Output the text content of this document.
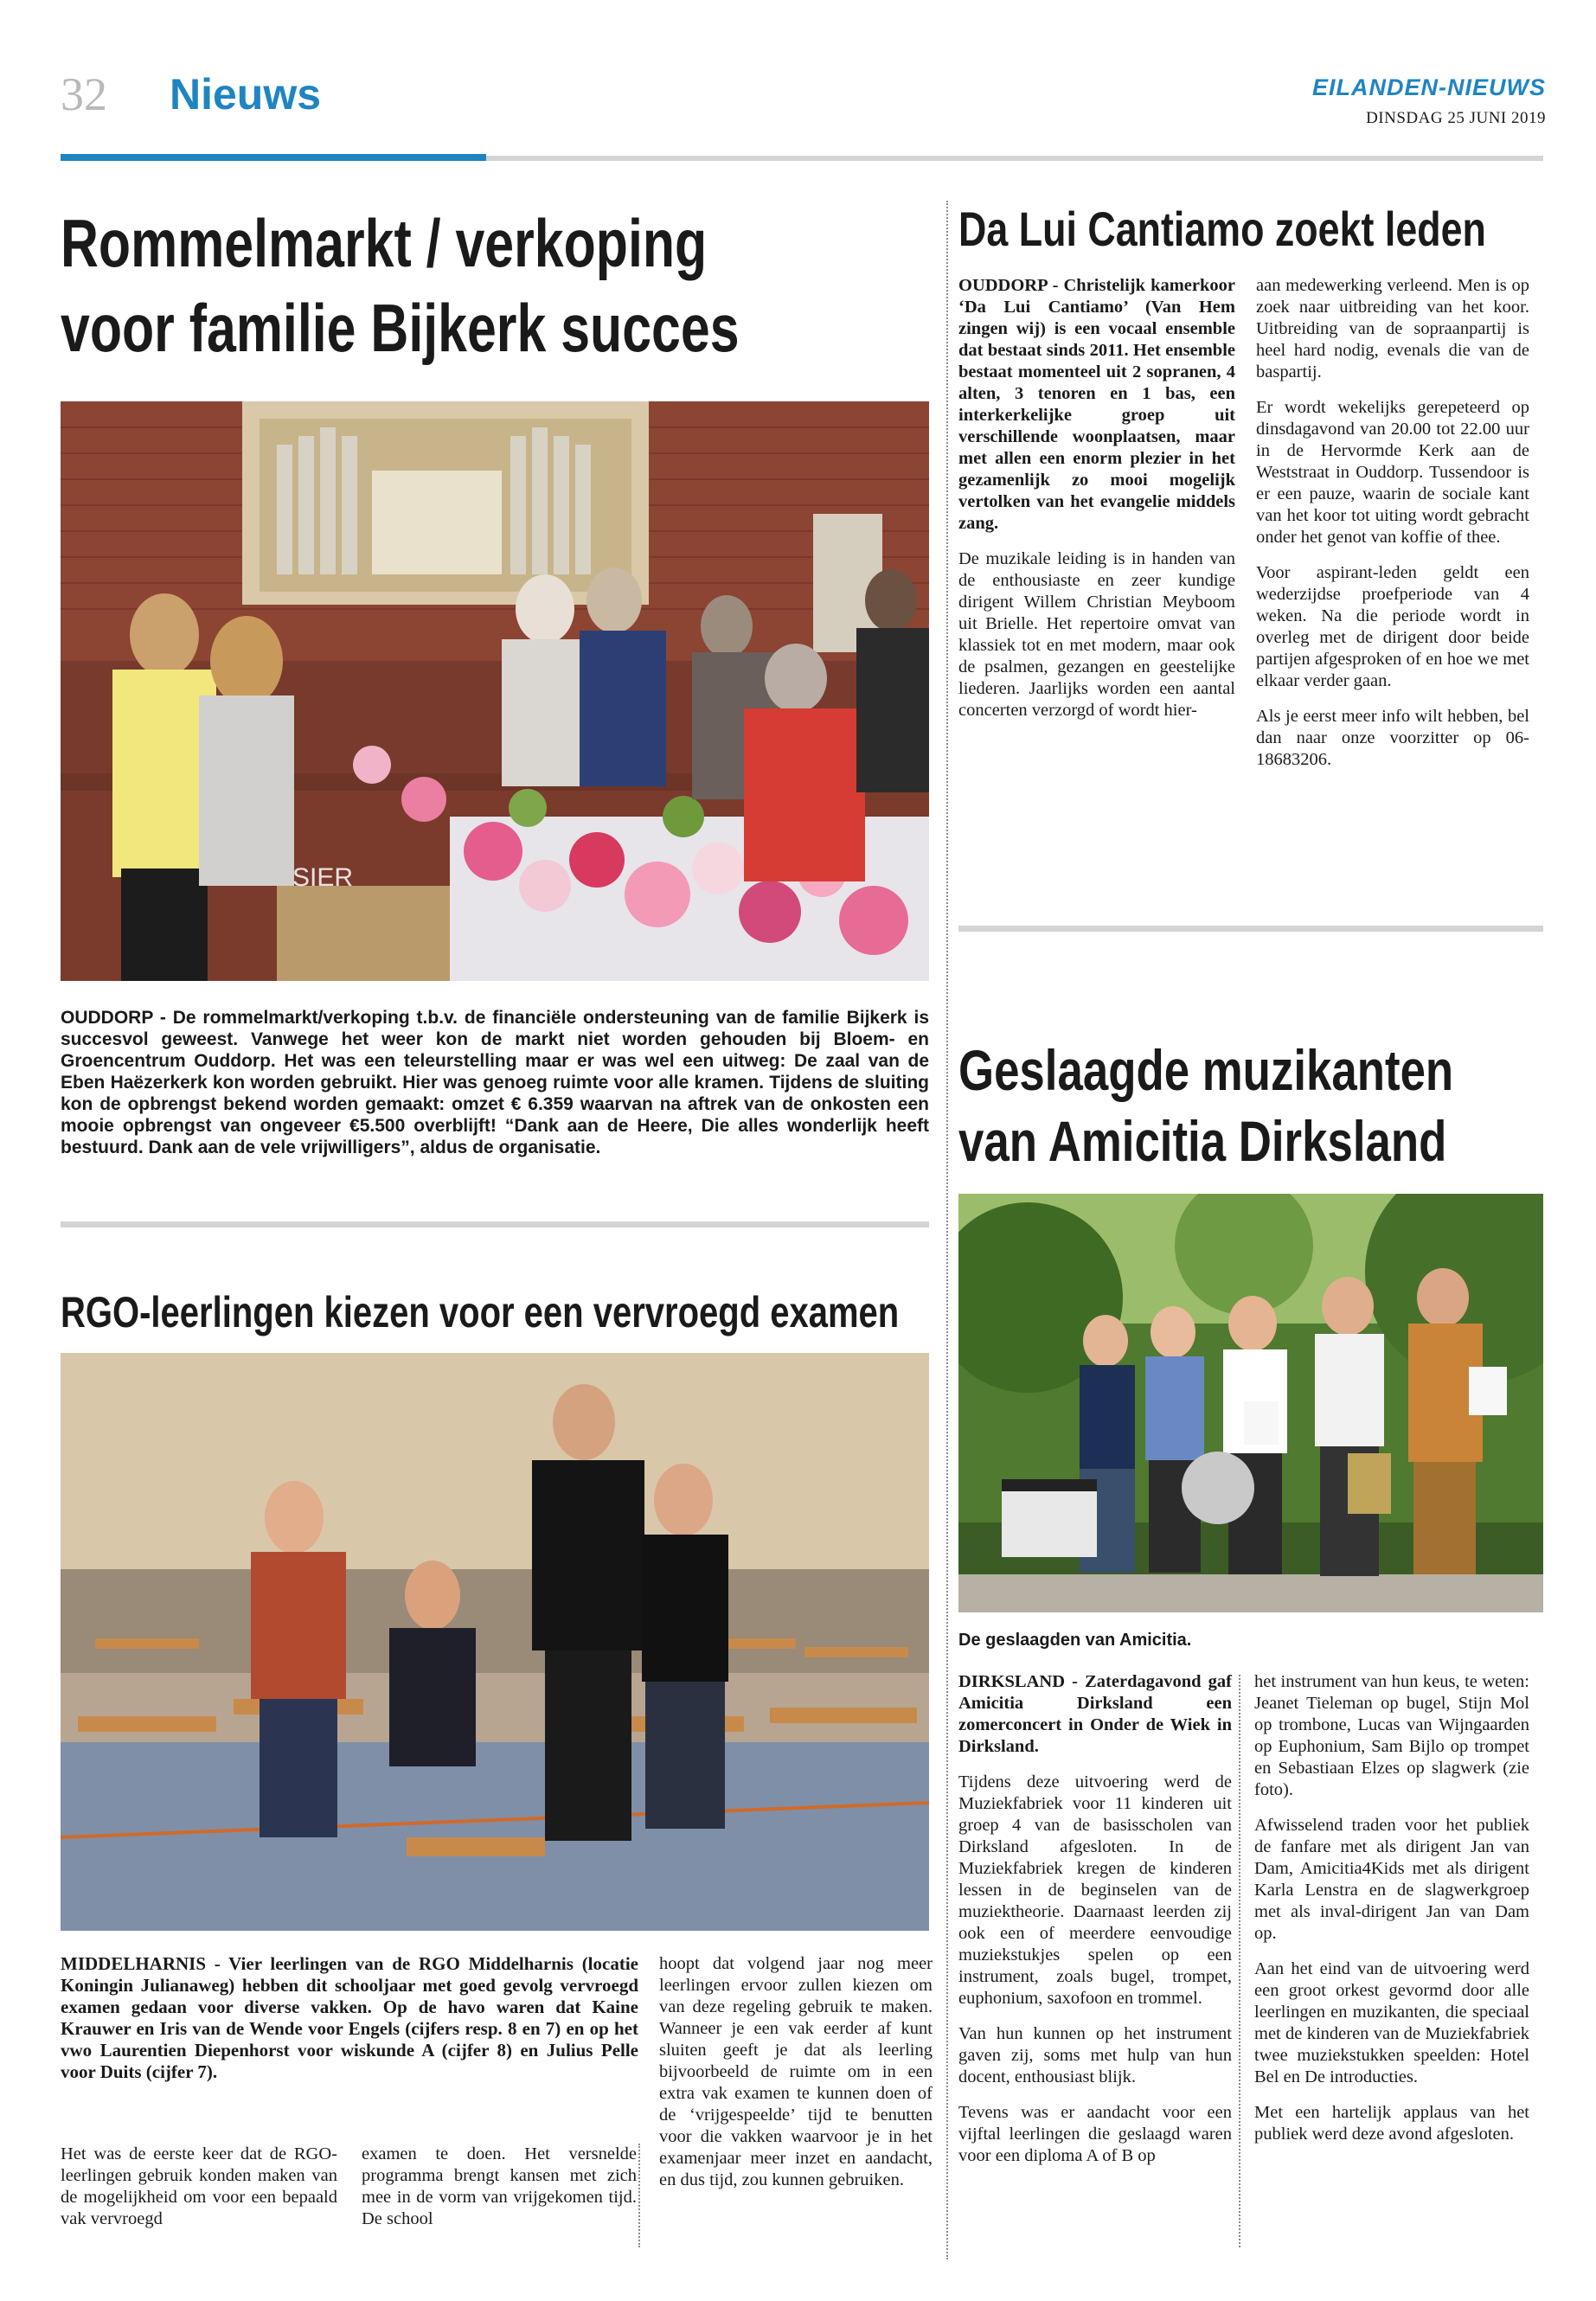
32 Nieuws	EILANDEN-NIEUWS
DINSDAG 25 JUNI 2019
Rommelmarkt / verkoping
voor familie Bijkerk succes
SIER
OUDDORP - De rommelmarkt/verkoping t.b.v. de financiële ondersteuning van de familie Bijkerk is succesvol geweest. Vanwege het weer kon de markt niet worden gehouden bij Bloem- en Groencentrum Ouddorp. Het was een teleurstelling maar er was wel een uitweg: De zaal van de Eben Haëzerkerk kon worden gebruikt. Hier was genoeg ruimte voor alle kramen. Tijdens de sluiting kon de opbrengst bekend worden gemaakt: omzet € 6.359 waarvan na aftrek van de onkosten een mooie opbrengst van ongeveer €5.500 overblijft! “Dank aan de Heere, Die alles wonderlijk heeft bestuurd. Dank aan de vele vrijwilligers”, aldus de organisatie.
Da Lui Cantiamo zoekt leden

OUDDORP - Christelijk kamerkoor ‘Da Lui Cantiamo’ (Van Hem zingen wij) is een vocaal ensemble dat bestaat sinds 2011. Het ensemble bestaat momenteel uit 2 sopranen, 4 alten, 3 tenoren en 1 bas, een interkerkelijke groep uit verschillende woonplaatsen, maar met allen een enorm plezier in het gezamenlijk zo mooi mogelijk vertolken van het evangelie middels zang.

De muzikale leiding is in handen van de enthousiaste en zeer kundige dirigent Willem Christian Meyboom uit Brielle. Het repertoire omvat van klassiek tot en met modern, maar ook de psalmen, gezangen en geestelijke liederen. Jaarlijks worden een aantal concerten verzorgd of wordt hier-

aan medewerking verleend. Men is op zoek naar uitbreiding van het koor. Uitbreiding van de sopraanpartij is heel hard nodig, evenals die van de baspartij.

Er wordt wekelijks gerepeteerd op dinsdagavond van 20.00 tot 22.00 uur in de Hervormde Kerk aan de Weststraat in Ouddorp. Tussendoor is er een pauze, waarin de sociale kant van het koor tot uiting wordt gebracht onder het genot van koffie of thee.

Voor aspirant-leden geldt een wederzijdse proefperiode van 4 weken. Na die periode wordt in overleg met de dirigent door beide partijen afgesproken of en hoe we met elkaar verder gaan.

Als je eerst meer info wilt hebben, bel dan naar onze voorzitter op 06-18683206.

Geslaagde muzikanten
van Amicitia Dirksland
De geslaagden van Amicitia.

DIRKSLAND - Zaterdagavond gaf Amicitia Dirksland een zomerconcert in Onder de Wiek in Dirksland.

Tijdens deze uitvoering werd de Muziekfabriek voor 11 kinderen uit groep 4 van de basisscholen van Dirksland afgesloten. In de Muziekfabriek kregen de kinderen lessen in de beginselen van de muziektheorie. Daarnaast leerden zij ook een of meerdere eenvoudige muziekstukjes spelen op een instrument, zoals bugel, trompet, euphonium, saxofoon en trommel.

Van hun kunnen op het instrument gaven zij, soms met hulp van hun docent, enthousiast blijk.

Tevens was er aandacht voor een vijftal leerlingen die geslaagd waren voor een diploma A of B op

het instrument van hun keus, te weten: Jeanet Tieleman op bugel, Stijn Mol op trombone, Lucas van Wijngaarden op Euphonium, Sam Bijlo op trompet en Sebastiaan Elzes op slagwerk (zie foto).

Afwisselend traden voor het publiek de fanfare met als dirigent Jan van Dam, Amicitia4Kids met als dirigent Karla Lenstra en de slagwerkgroep met als inval-dirigent Jan van Dam op.

Aan het eind van de uitvoering werd een groot orkest gevormd door alle leerlingen en muzikanten, die speciaal met de kinderen van de Muziekfabriek twee muziekstukken speelden: Hotel Bel en De introducties.

Met een hartelijk applaus van het publiek werd deze avond afgesloten.

RGO-leerlingen kiezen voor een vervroegd examen

MIDDELHARNIS - Vier leerlingen van de RGO Middelharnis (locatie Koningin Julianaweg) hebben dit schooljaar met goed gevolg vervroegd examen gedaan voor diverse vakken. Op de havo waren dat Kaine Krauwer en Iris van de Wende voor Engels (cijfers resp. 8 en 7) en op het vwo Laurentien Diepenhorst voor wiskunde A (cijfer 8) en Julius Pelle voor Duits (cijfer 7).

Het was de eerste keer dat de RGO-leerlingen gebruik konden maken van de mogelijkheid om voor een bepaald vak vervroegd

examen te doen. Het versnelde programma brengt kansen met zich mee in de vorm van vrijgekomen tijd. De school

hoopt dat volgend jaar nog meer leerlingen ervoor zullen kiezen om van deze regeling gebruik te maken. Wanneer je een vak eerder af kunt sluiten geeft je dat als leerling bijvoorbeeld de ruimte om in een extra vak examen te kunnen doen of de ‘vrijgespeelde’ tijd te benutten voor die vakken waarvoor je in het examenjaar meer inzet en aandacht, en dus tijd, zou kunnen gebruiken.
